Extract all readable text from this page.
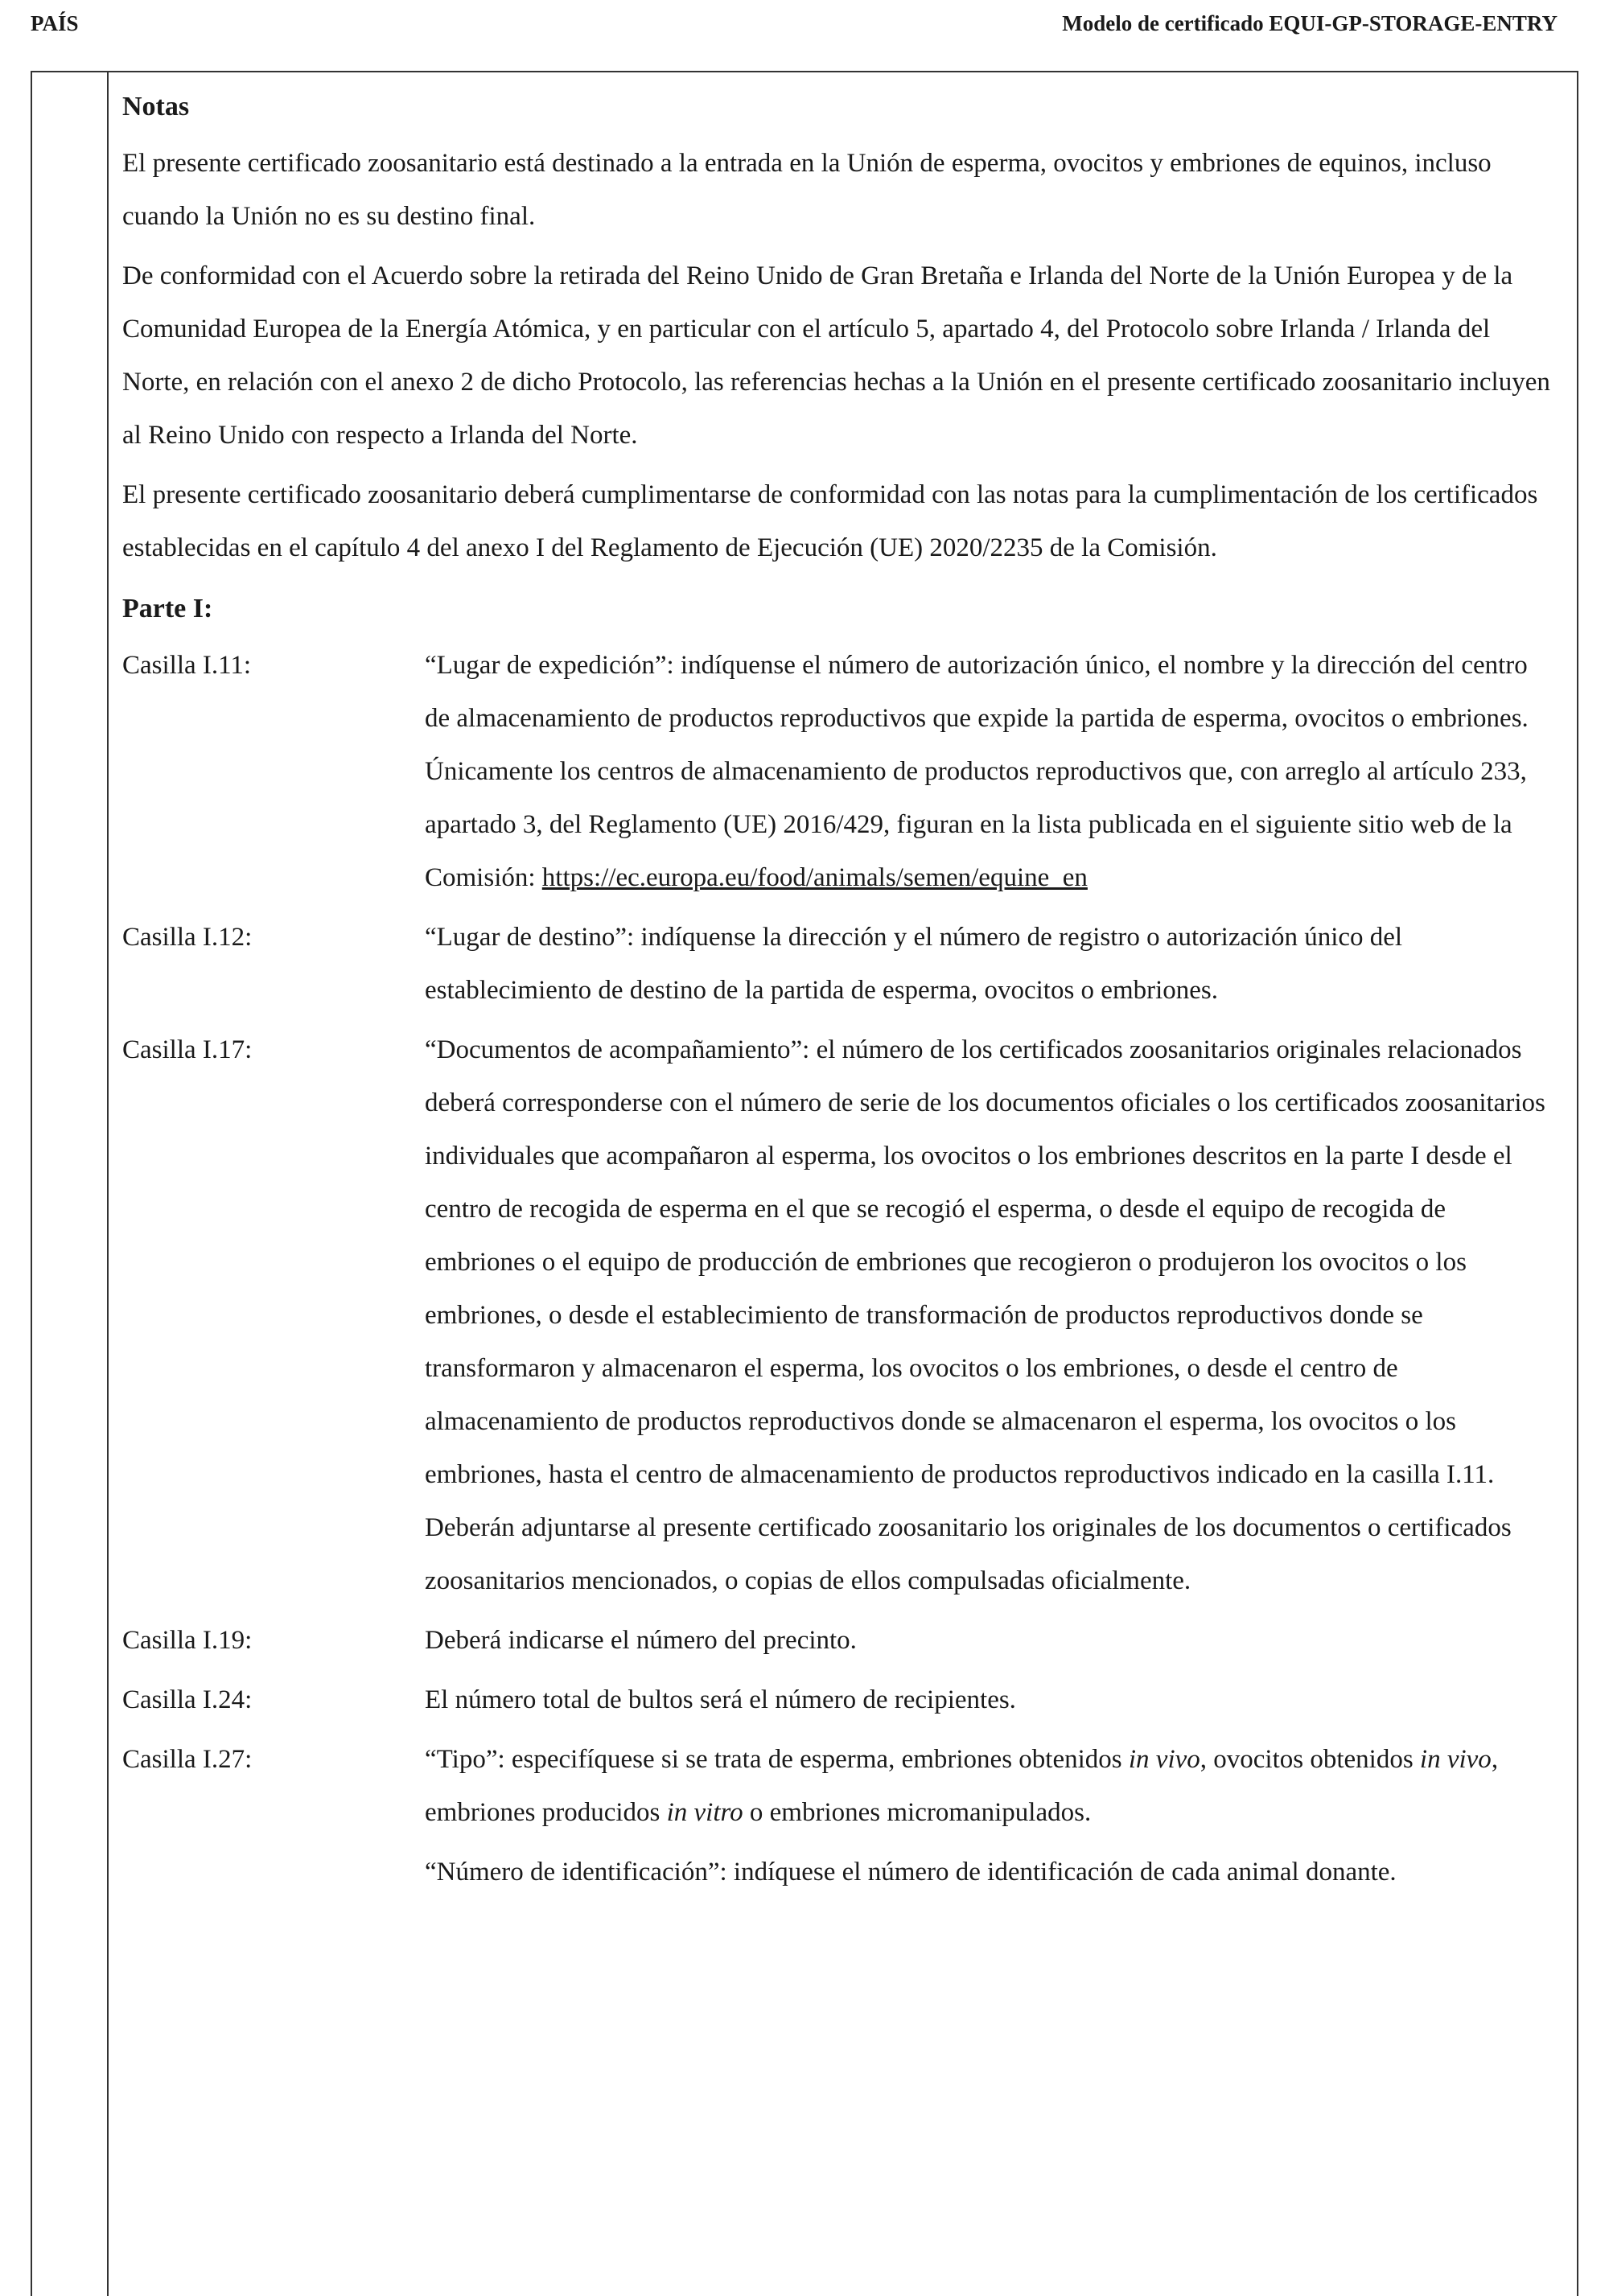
PAÍS	Modelo de certificado EQUI-GP-STORAGE-ENTRY
Notas

El presente certificado zoosanitario está destinado a la entrada en la Unión de esperma, ovocitos y embriones de equinos, incluso cuando la Unión no es su destino final.

De conformidad con el Acuerdo sobre la retirada del Reino Unido de Gran Bretaña e Irlanda del Norte de la Unión Europea y de la Comunidad Europea de la Energía Atómica, y en particular con el artículo 5, apartado 4, del Protocolo sobre Irlanda / Irlanda del Norte, en relación con el anexo 2 de dicho Protocolo, las referencias hechas a la Unión en el presente certificado zoosanitario incluyen al Reino Unido con respecto a Irlanda del Norte.

El presente certificado zoosanitario deberá cumplimentarse de conformidad con las notas para la cumplimentación de los certificados establecidas en el capítulo 4 del anexo I del Reglamento de Ejecución (UE) 2020/2235 de la Comisión.

Parte I:
Casilla I.11:	“Lugar de expedición”: indíquense el número de autorización único, el nombre y la dirección del centro de almacenamiento de productos reproductivos que expide la partida de esperma, ovocitos o embriones. Únicamente los centros de almacenamiento de productos reproductivos que, con arreglo al artículo 233, apartado 3, del Reglamento (UE) 2016/429, figuran en la lista publicada en el siguiente sitio web de la Comisión: https://ec.europa.eu/food/animals/semen/equine_en
Casilla I.12:	“Lugar de destino”: indíquense la dirección y el número de registro o autorización único del establecimiento de destino de la partida de esperma, ovocitos o embriones.
Casilla I.17:	“Documentos de acompañamiento”: el número de los certificados zoosanitarios originales relacionados deberá corresponderse con el número de serie de los documentos oficiales o los certificados zoosanitarios individuales que acompañaron al esperma, los ovocitos o los embriones descritos en la parte I desde el centro de recogida de esperma en el que se recogió el esperma, o desde el equipo de recogida de embriones o el equipo de producción de embriones que recogieron o produjeron los ovocitos o los embriones, o desde el establecimiento de transformación de productos reproductivos donde se transformaron y almacenaron el esperma, los ovocitos o los embriones, o desde el centro de almacenamiento de productos reproductivos donde se almacenaron el esperma, los ovocitos o los embriones, hasta el centro de almacenamiento de productos reproductivos indicado en la casilla I.11. Deberán adjuntarse al presente certificado zoosanitario los originales de los documentos o certificados zoosanitarios mencionados, o copias de ellos compulsadas oficialmente.
Casilla I.19:	Deberá indicarse el número del precinto.
Casilla I.24:	El número total de bultos será el número de recipientes.
Casilla I.27:	“Tipo”: especifíquese si se trata de esperma, embriones obtenidos in vivo, ovocitos obtenidos in vivo, embriones producidos in vitro o embriones micromanipulados.

“Número de identificación”: indíquese el número de identificación de cada animal donante.
